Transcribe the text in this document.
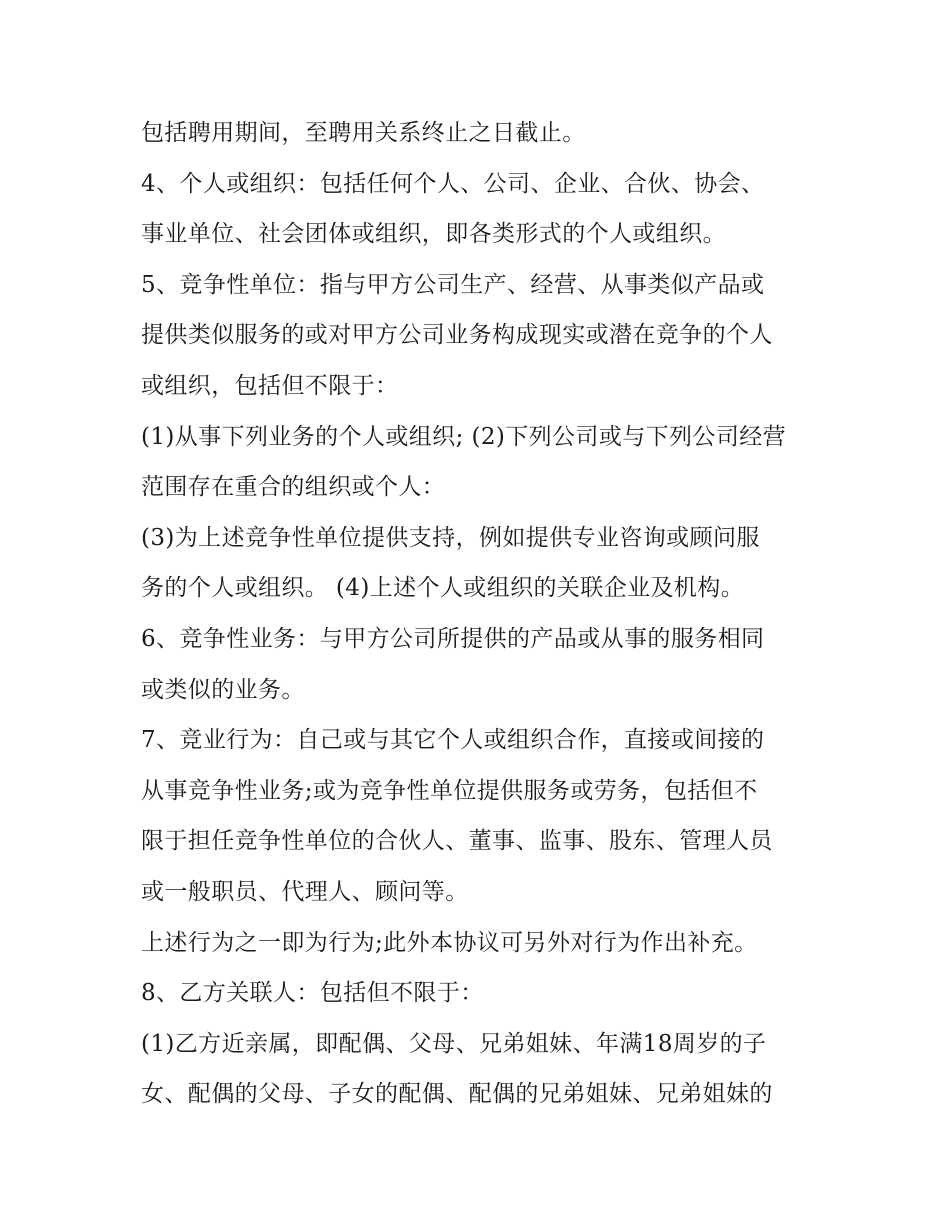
包括聘用期间，至聘用关系终止之日截止。
4、个人或组织：包括任何个人、公司、企业、合伙、协会、
事业单位、社会团体或组织，即各类形式的个人或组织。
5、竞争性单位：指与甲方公司生产、经营、从事类似产品或
提供类似服务的或对甲方公司业务构成现实或潜在竞争的个人
或组织，包括但不限于：
(1)从事下列业务的个人或组织; (2)下列公司或与下列公司经营
范围存在重合的组织或个人：
(3)为上述竞争性单位提供支持，例如提供专业咨询或顾问服
务的个人或组织。 (4)上述个人或组织的关联企业及机构。
6、竞争性业务：与甲方公司所提供的产品或从事的服务相同
或类似的业务。
7、竞业行为：自己或与其它个人或组织合作，直接或间接的
从事竞争性业务;或为竞争性单位提供服务或劳务，包括但不
限于担任竞争性单位的合伙人、董事、监事、股东、管理人员
或一般职员、代理人、顾问等。
上述行为之一即为行为;此外本协议可另外对行为作出补充。
8、乙方关联人：包括但不限于：
(1)乙方近亲属，即配偶、父母、兄弟姐妹、年满18周岁的子
女、配偶的父母、子女的配偶、配偶的兄弟姐妹、兄弟姐妹的
